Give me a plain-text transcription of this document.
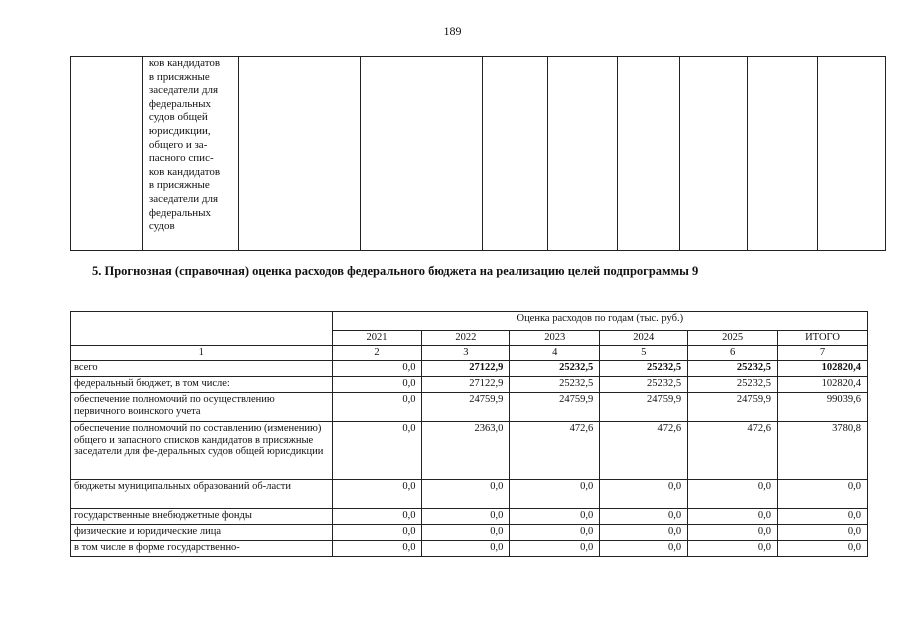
189

ков кандидатов
в присяжные
заседатели для
федеральных
судов общей
юрисдикции,
общего и за-
пасного спис-
ков кандидатов
в присяжные
заседатели для
федеральных
судов

5. Прогнозная (справочная) оценка расходов федерального бюджета на реализацию целей подпрограммы 9
	Оценка расходов по годам (тыс. руб.)					
	2021	2022	2023	2024	2025	ИТОГО
1	2	3	4	5	6	7
всего	0,0	27122,9	25232,5	25232,5	25232,5	102820,4
федеральный бюджет, в том числе:	0,0	27122,9	25232,5	25232,5	25232,5	102820,4
обеспечение полномочий по осуществлению первичного воинского учета	0,0	24759,9	24759,9	24759,9	24759,9	99039,6
обеспечение полномочий по составлению (изменению) общего и запасного списков кандидатов в присяжные заседатели для фе-деральных судов общей юрисдикции	0,0	2363,0	472,6	472,6	472,6	3780,8
бюджеты муниципальных образований об-ласти	0,0	0,0	0,0	0,0	0,0	0,0
государственные внебюджетные фонды	0,0	0,0	0,0	0,0	0,0	0,0
физические и юридические лица	0,0	0,0	0,0	0,0	0,0	0,0
в том числе в форме государственно-	0,0	0,0	0,0	0,0	0,0	0,0
